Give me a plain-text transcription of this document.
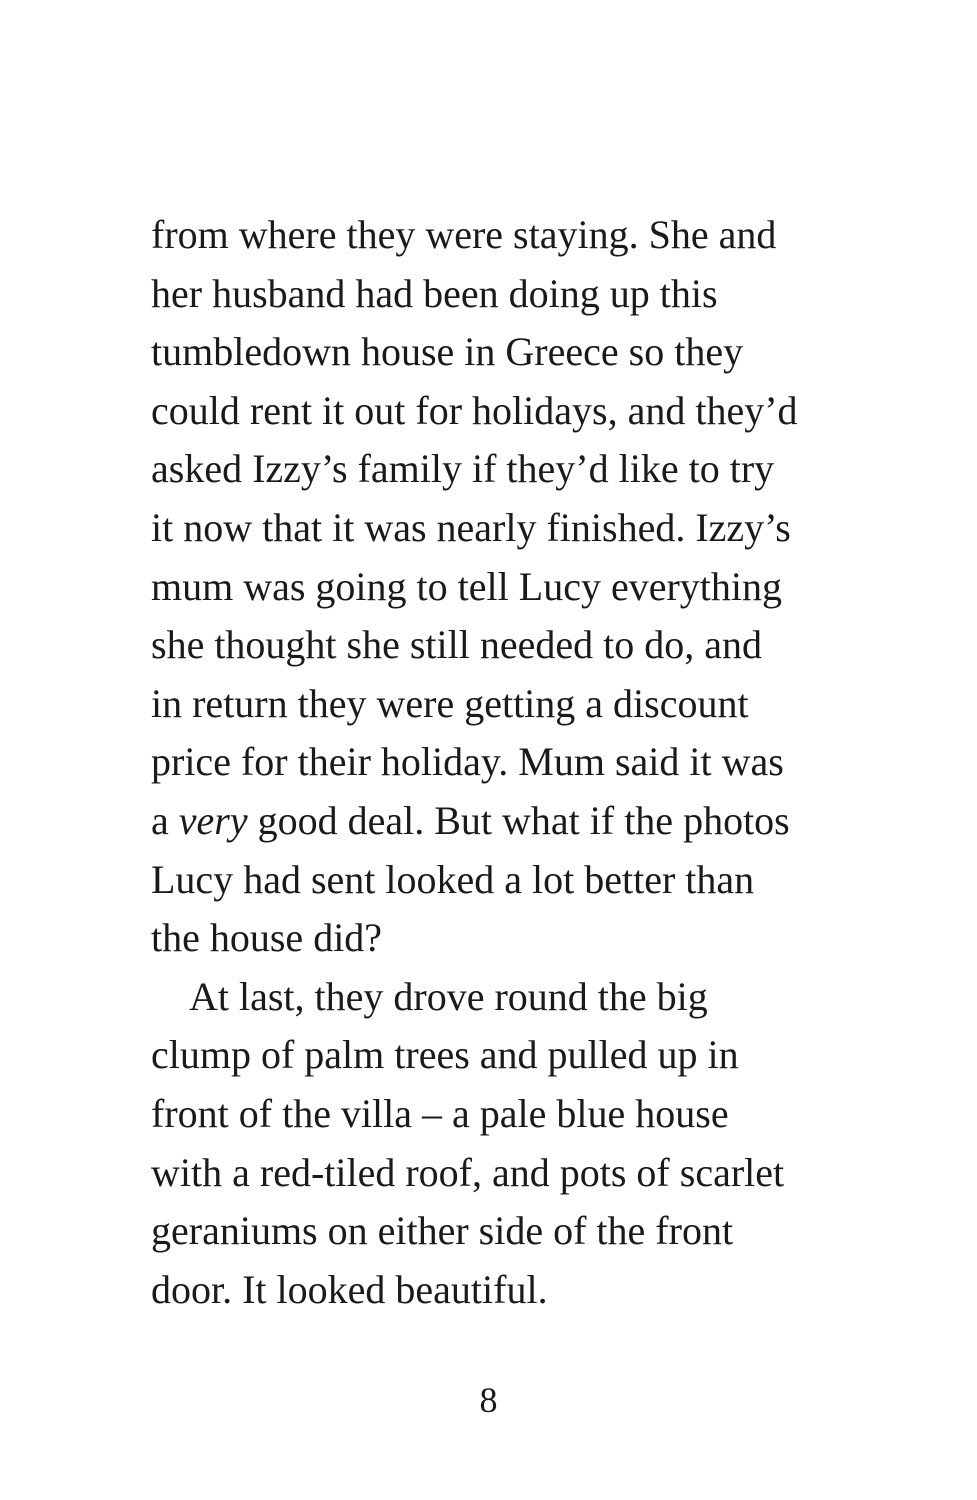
from where they were staying. She and
her husband had been doing up this
tumbledown house in Greece so they
could rent it out for holidays, and they’d
asked Izzy’s family if they’d like to try
it now that it was nearly finished. Izzy’s
mum was going to tell Lucy everything
she thought she still needed to do, and
in return they were getting a discount
price for their holiday. Mum said it was
a very good deal. But what if the photos
Lucy had sent looked a lot better than
the house did?
At last, they drove round the big
clump of palm trees and pulled up in
front of the villa – a pale blue house
with a red-tiled roof, and pots of scarlet
geraniums on either side of the front
door. It looked beautiful.
8
